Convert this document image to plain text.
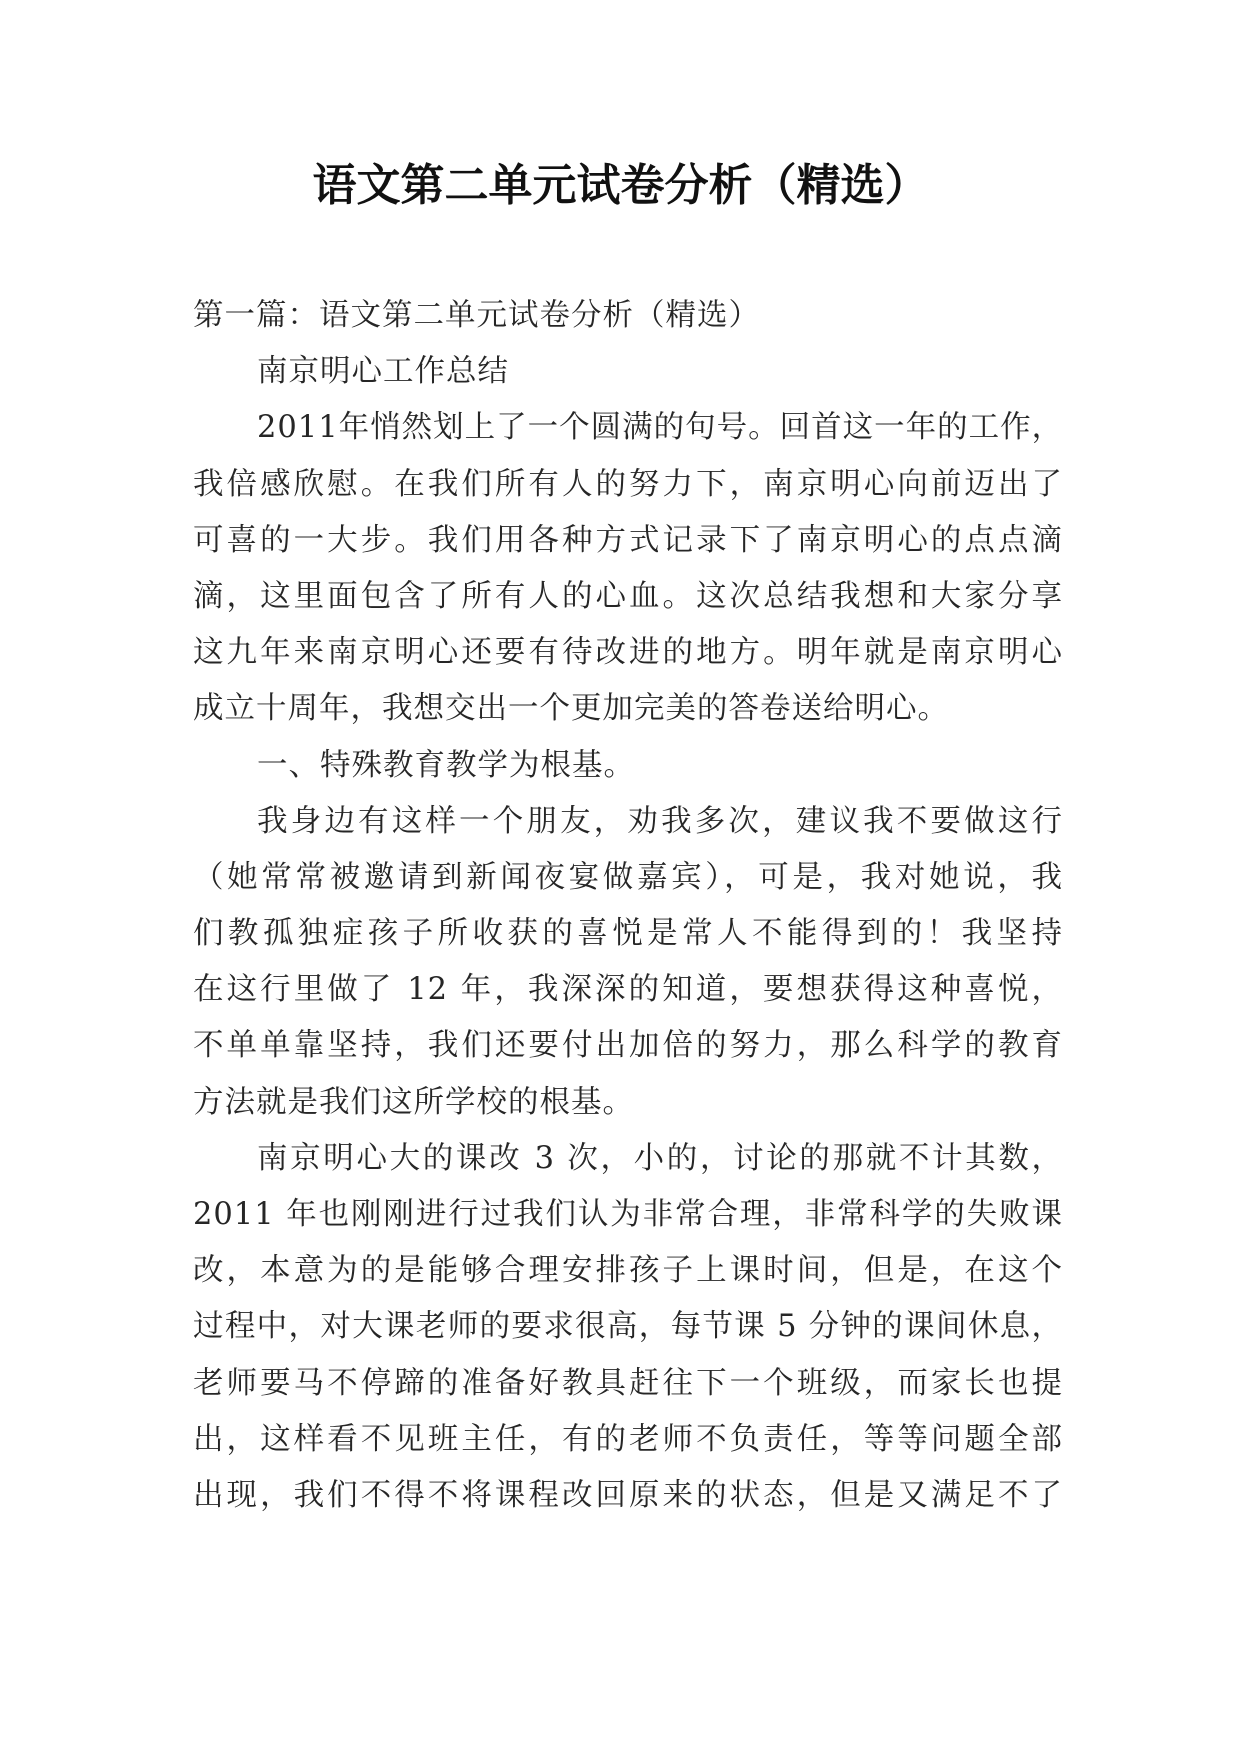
语文第二单元试卷分析（精选）
第一篇：语文第二单元试卷分析（精选）
南京明心工作总结
2011年悄然划上了一个圆满的句号。回首这一年的工作，
我倍感欣慰。在我们所有人的努力下，南京明心向前迈出了
可喜的一大步。我们用各种方式记录下了南京明心的点点滴
滴，这里面包含了所有人的心血。这次总结我想和大家分享
这九年来南京明心还要有待改进的地方。明年就是南京明心
成立十周年，我想交出一个更加完美的答卷送给明心。
一、特殊教育教学为根基。
我身边有这样一个朋友，劝我多次，建议我不要做这行
（她常常被邀请到新闻夜宴做嘉宾），可是，我对她说，我
们教孤独症孩子所收获的喜悦是常人不能得到的！我坚持
在这行里做了 12 年，我深深的知道，要想获得这种喜悦，
不单单靠坚持，我们还要付出加倍的努力，那么科学的教育
方法就是我们这所学校的根基。
南京明心大的课改 3 次，小的，讨论的那就不计其数，
2011 年也刚刚进行过我们认为非常合理，非常科学的失败课
改，本意为的是能够合理安排孩子上课时间，但是，在这个
过程中，对大课老师的要求很高，每节课 5 分钟的课间休息，
老师要马不停蹄的准备好教具赶往下一个班级，而家长也提
出，这样看不见班主任，有的老师不负责任，等等问题全部
出现，我们不得不将课程改回原来的状态，但是又满足不了
